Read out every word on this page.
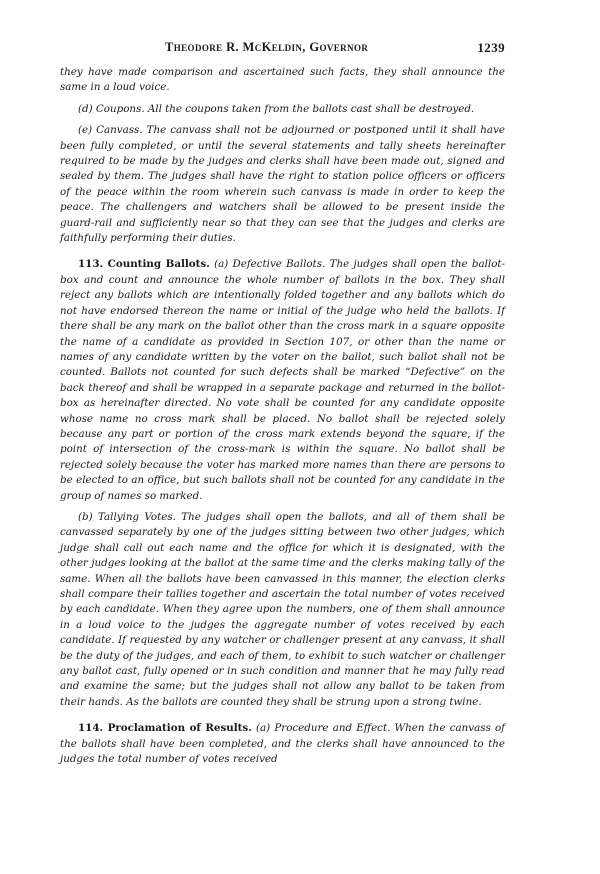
Theodore R. McKeldin, Governor	1239

they have made comparison and ascertained such facts, they shall announce the same in a loud voice.

(d) Coupons. All the coupons taken from the ballots cast shall be destroyed.

(e) Canvass. The canvass shall not be adjourned or postponed until it shall have been fully completed, or until the several statements and tally sheets hereinafter required to be made by the judges and clerks shall have been made out, signed and sealed by them. The judges shall have the right to station police officers or officers of the peace within the room wherein such canvass is made in order to keep the peace. The challengers and watchers shall be allowed to be present inside the guard-rail and sufficiently near so that they can see that the judges and clerks are faithfully performing their duties.

113. Counting Ballots. (a) Defective Ballots. The judges shall open the ballot-box and count and announce the whole number of ballots in the box. They shall reject any ballots which are intentionally folded together and any ballots which do not have endorsed thereon the name or initial of the judge who held the ballots. If there shall be any mark on the ballot other than the cross mark in a square opposite the name of a candidate as provided in Section 107, or other than the name or names of any candidate written by the voter on the ballot, such ballot shall not be counted. Ballots not counted for such defects shall be marked “Defective” on the back thereof and shall be wrapped in a separate package and returned in the ballot-box as hereinafter directed. No vote shall be counted for any candidate opposite whose name no cross mark shall be placed. No ballot shall be rejected solely because any part or portion of the cross mark extends beyond the square, if the point of intersection of the cross-mark is within the square. No ballot shall be rejected solely because the voter has marked more names than there are persons to be elected to an office, but such ballots shall not be counted for any candidate in the group of names so marked.

(b) Tallying Votes. The judges shall open the ballots, and all of them shall be canvassed separately by one of the judges sitting between two other judges, which judge shall call out each name and the office for which it is designated, with the other judges looking at the ballot at the same time and the clerks making tally of the same. When all the ballots have been canvassed in this manner, the election clerks shall compare their tallies together and ascertain the total number of votes received by each candidate. When they agree upon the numbers, one of them shall announce in a loud voice to the judges the aggregate number of votes received by each candidate. If requested by any watcher or challenger present at any canvass, it shall be the duty of the judges, and each of them, to exhibit to such watcher or challenger any ballot cast, fully opened or in such condition and manner that he may fully read and examine the same; but the judges shall not allow any ballot to be taken from their hands. As the ballots are counted they shall be strung upon a strong twine.

114. Proclamation of Results. (a) Procedure and Effect. When the canvass of the ballots shall have been completed, and the clerks shall have announced to the judges the total number of votes received
